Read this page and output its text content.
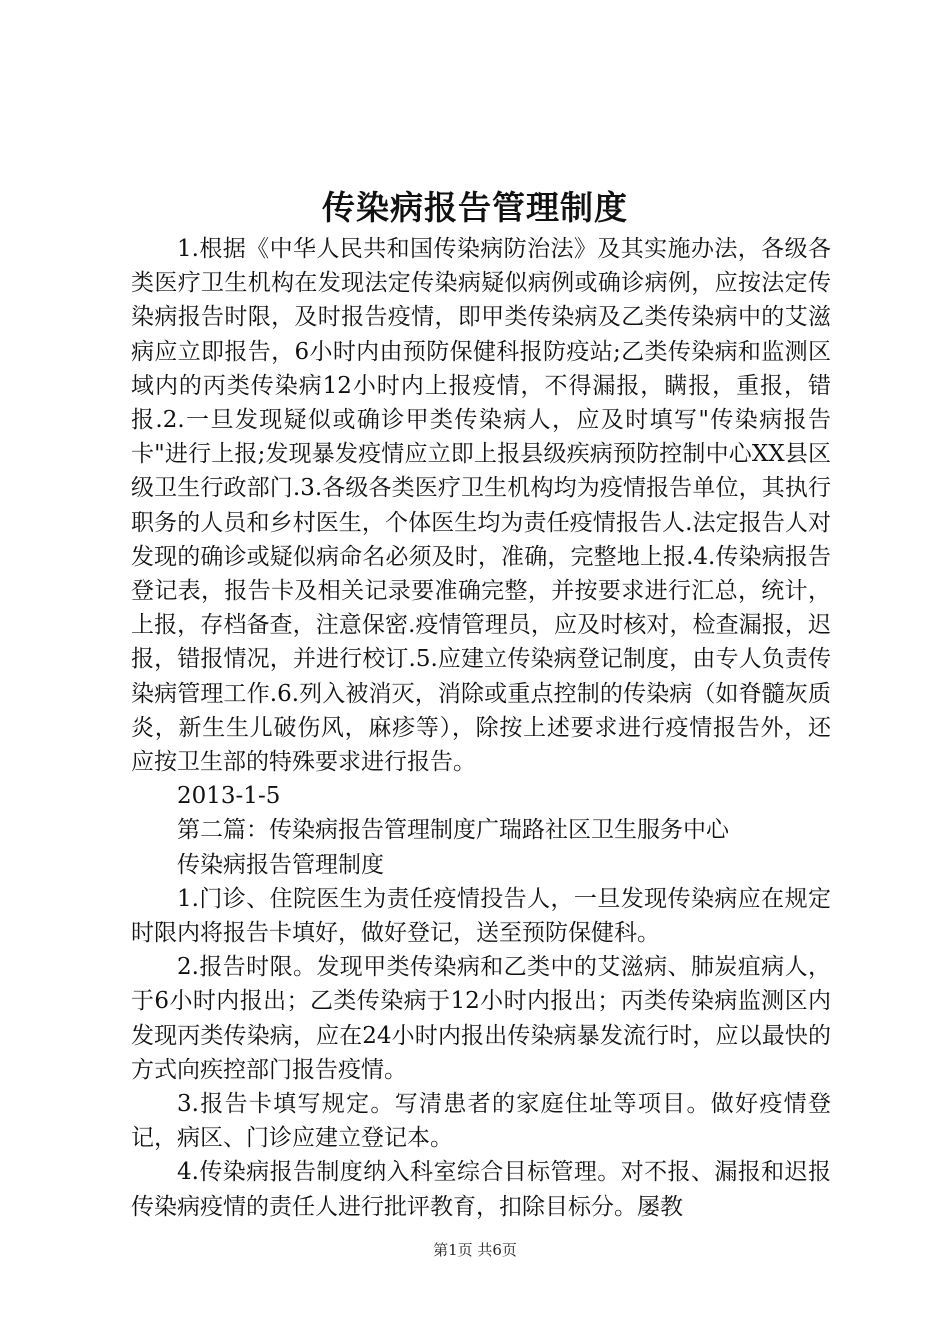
传染病报告管理制度

1.根据《中华人民共和国传染病防治法》及其实施办法，各级各类医疗卫生机构在发现法定传染病疑似病例或确诊病例，应按法定传染病报告时限，及时报告疫情，即甲类传染病及乙类传染病中的艾滋病应立即报告，6小时内由预防保健科报防疫站;乙类传染病和监测区域内的丙类传染病12小时内上报疫情，不得漏报，瞒报，重报，错报.2.一旦发现疑似或确诊甲类传染病人，应及时填写"传染病报告卡"进行上报;发现暴发疫情应立即上报县级疾病预防控制中心XX县区级卫生行政部门.3.各级各类医疗卫生机构均为疫情报告单位，其执行职务的人员和乡村医生，个体医生均为责任疫情报告人.法定报告人对发现的确诊或疑似病命名必须及时，准确，完整地上报.4.传染病报告登记表，报告卡及相关记录要准确完整，并按要求进行汇总，统计，上报，存档备查，注意保密.疫情管理员，应及时核对，检查漏报，迟报，错报情况，并进行校订.5.应建立传染病登记制度，由专人负责传染病管理工作.6.列入被消灭，消除或重点控制的传染病（如脊髓灰质炎，新生生儿破伤风，麻疹等），除按上述要求进行疫情报告外，还应按卫生部的特殊要求进行报告。

2013-1-5

第二篇：传染病报告管理制度广瑞路社区卫生服务中心

传染病报告管理制度

1.门诊、住院医生为责任疫情投告人，一旦发现传染病应在规定时限内将报告卡填好，做好登记，送至预防保健科。

2.报告时限。发现甲类传染病和乙类中的艾滋病、肺炭疽病人，于6小时内报出；乙类传染病于12小时内报出；丙类传染病监测区内发现丙类传染病，应在24小时内报出传染病暴发流行时，应以最快的方式向疾控部门报告疫情。

3.报告卡填写规定。写清患者的家庭住址等项目。做好疫情登记，病区、门诊应建立登记本。

4.传染病报告制度纳入科室综合目标管理。对不报、漏报和迟报传染病疫情的责任人进行批评教育，扣除目标分。屡教

第1页 共6页
